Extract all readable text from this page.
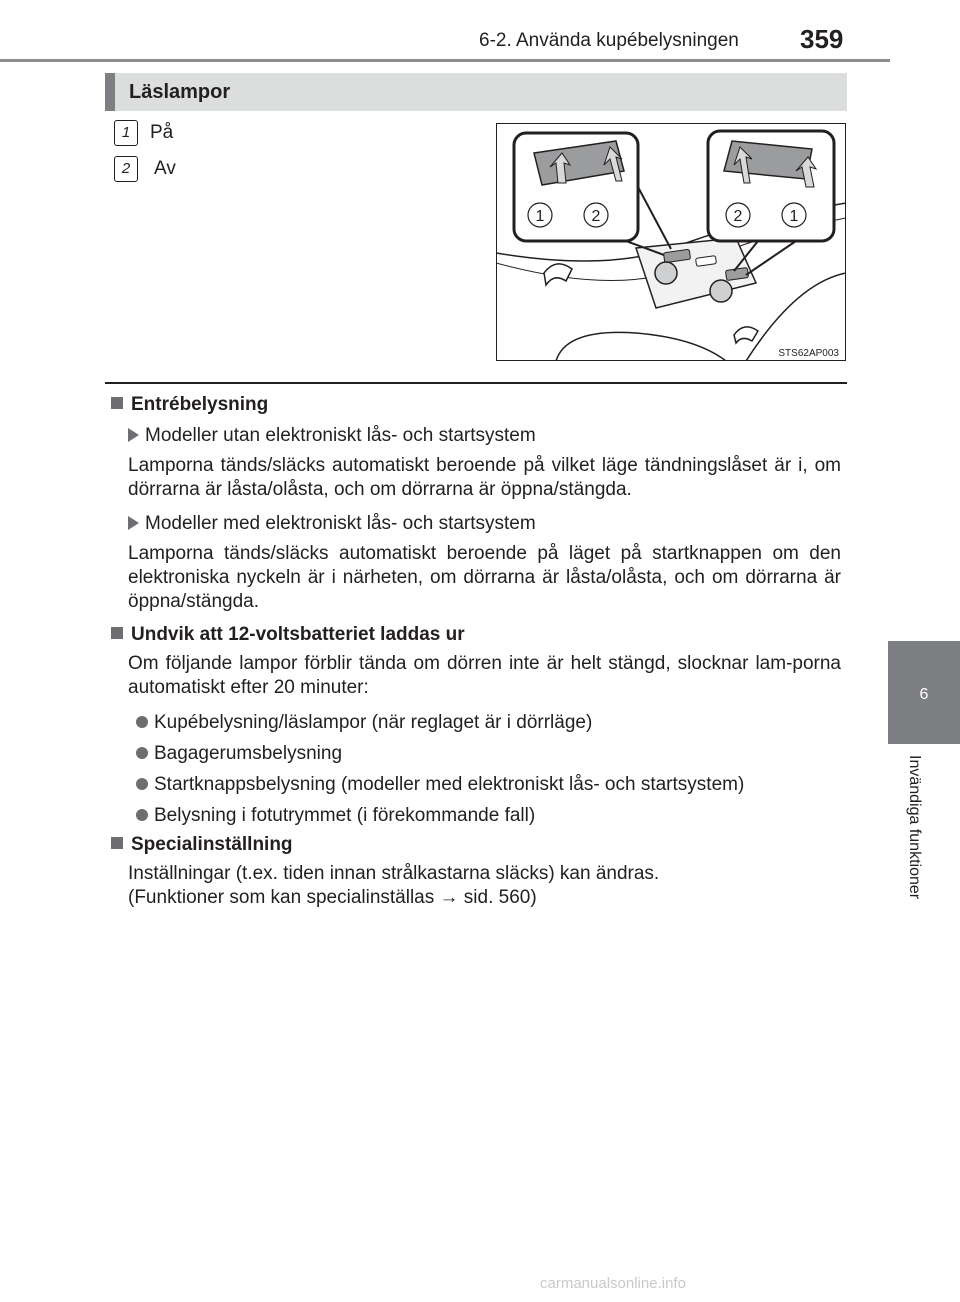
6-2. Använda kupébelysningen 359
6
Invändiga funktioner
Läslampor
1 På
2 Av
1	2	2	1
STS62AP003
Entrébelysning
Modeller utan elektroniskt lås- och startsystem

Lamporna tänds/släcks automatiskt beroende på vilket läge tändningslåset är i, om dörrarna är låsta/olåsta, och om dörrarna är öppna/stängda.

Modeller med elektroniskt lås- och startsystem

Lamporna tänds/släcks automatiskt beroende på läget på startknappen om den elektroniska nyckeln är i närheten, om dörrarna är låsta/olåsta, och om dörrarna är öppna/stängda.

Undvik att 12-voltsbatteriet laddas ur

Om följande lampor förblir tända om dörren inte är helt stängd, slocknar lam-porna automatiskt efter 20 minuter:

Kupébelysning/läslampor (när reglaget är i dörrläge)
Bagagerumsbelysning
Startknappsbelysning (modeller med elektroniskt lås- och startsystem)
Belysning i fotutrymmet (i förekommande fall)
Specialinställning

Inställningar (t.ex. tiden innan strålkastarna släcks) kan ändras.

(Funktioner som kan specialinställas → sid. 560)

carmanualsonline.info
